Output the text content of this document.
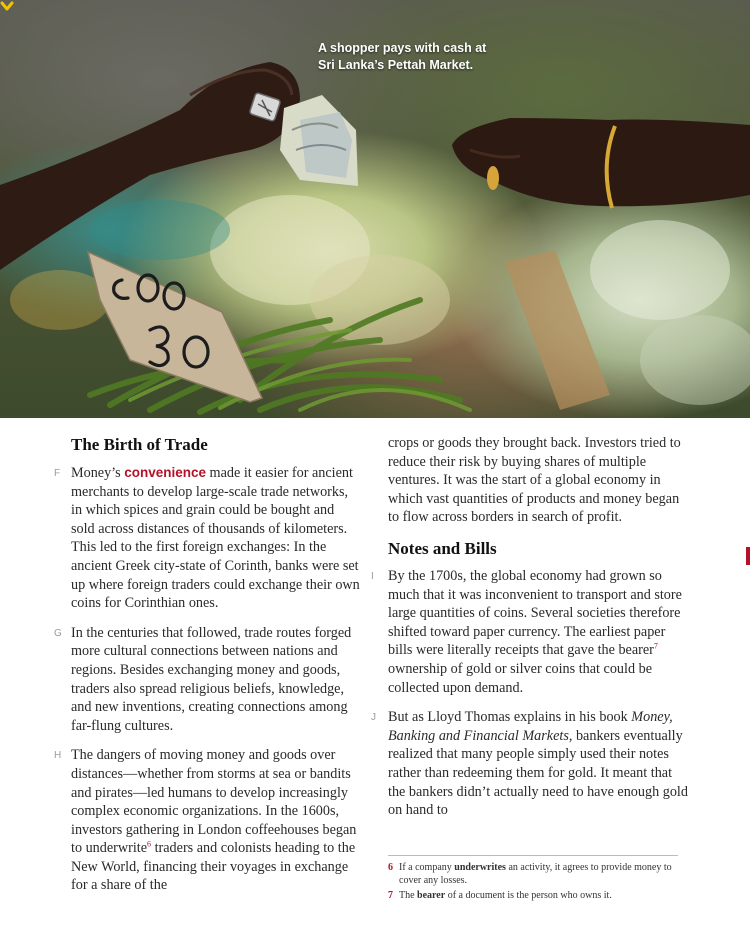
A shopper pays with cash at
Sri Lanka’s Pettah Market.
The Birth of Trade

F Money’s convenience made it easier for ancient merchants to develop large-scale trade networks, in which spices and grain could be bought and sold across distances of thousands of kilometers. This led to the first foreign exchanges: In the ancient Greek city-state of Corinth, banks were set up where foreign traders could exchange their own coins for Corinthian ones.

G In the centuries that followed, trade routes forged more cultural connections between nations and regions. Besides exchanging money and goods, traders also spread religious beliefs, knowledge, and new inventions, creating connections among far-flung cultures.

H The dangers of moving money and goods over distances—whether from storms at sea or bandits and pirates—led humans to develop increasingly complex economic organizations. In the 1600s, investors gathering in London coffeehouses began to underwrite$^6$ traders and colonists heading to the New World, financing their voyages in exchange for a share of the

crops or goods they brought back. Investors tried to reduce their risk by buying shares of multiple ventures. It was the start of a global economy in which vast quantities of products and money began to flow across borders in search of profit.

Notes and Bills

I By the 1700s, the global economy had grown so much that it was inconvenient to transport and store large quantities of coins. Several societies therefore shifted toward paper currency. The earliest paper bills were literally receipts that gave the bearer$^7$ ownership of gold or silver coins that could be collected upon demand.

J But as Lloyd Thomas explains in his book Money, Banking and Financial Markets, bankers eventually realized that many people simply used their notes rather than redeeming them for gold. It meant that the bankers didn’t actually need to have enough gold on hand to

6 If a company underwrites an activity, it agrees to provide money to cover any losses.
7 The bearer of a document is the person who owns it.
